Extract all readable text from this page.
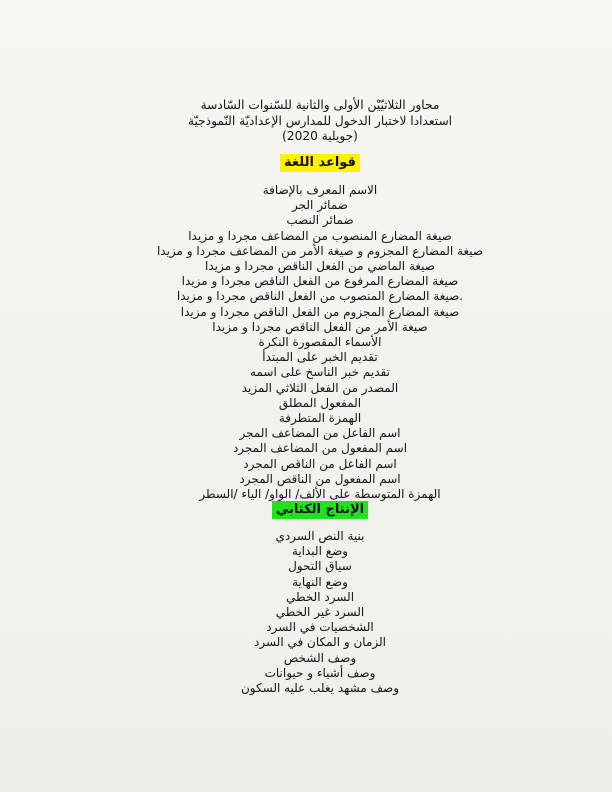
محاور الثلاثيّيْن الأولى والثانية للسّنوات السّادسة
استعدادا لاختبار الدخول للمدارس الإعداديّة النّموذجيّة
(جويلية 2020)
قواعد اللغة
الاسم المعرف بالإضافة
ضمائر الجر
ضمائر النصب
صيغة المضارع المنصوب من المضاعف مجردا و مزيدا
صيغة المضارع المجزوم و صيغة الأمر من المضاعف مجردا و مزيدا
صيغة الماضي من الفعل الناقص مجردا و مزيدا
صيغة المضارع المرفوع من الفعل الناقص مجردا و مزيدا
.صيغة المضارع المنصوب من الفعل الناقص مجردا و مزيدا
صيغة المضارع المجزوم من الفعل الناقص مجردا و مزيدا
صيغة الأمر من الفعل الناقص مجردا و مزيدا
الأسماء المقصورة النكرة
تقديم الخبر على المبتدأ
تقديم خبر الناسخ على اسمه
المصدر من الفعل الثلاثي المزيد
المفعول المطلق
الهمزة المتطرفة
اسم الفاعل من المضاعف المجر
اسم المفعول من المضاعف المجرد
اسم الفاعل من الناقص المجرد
اسم المفعول من الناقص المجرد
الهمزة المتوسطة على الألف/ الواو/ الياء /السطر
الإنتاج الكتابي
بنية النص السردي
وضع البداية
سياق التحول
وضع النهاية
السرد الخطي
السرد غير الخطي
الشخصيات في السرد
الزمان و المكان في السرد
وصف الشخص
وصف أشياء و حيوانات
وصف مشهد يغلب عليه السكون
